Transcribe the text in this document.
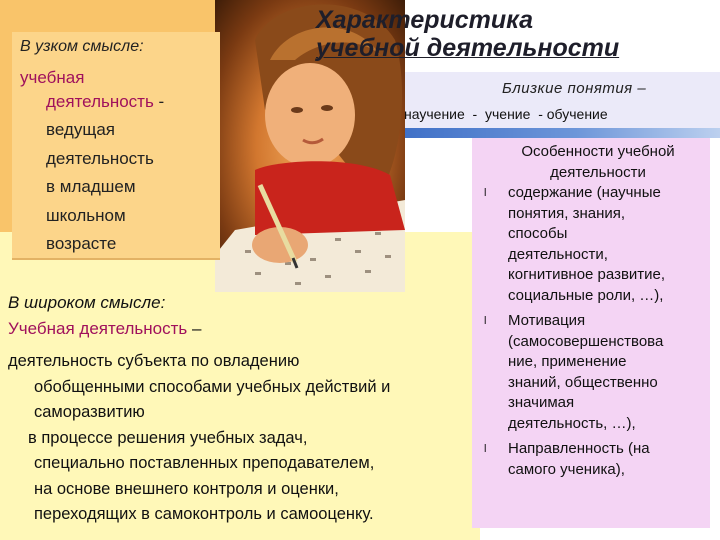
Характеристика
учебной деятельности
В узком смысле:
учебная
деятельность -
ведущая
деятельность
в младшем
школьном
возрасте
Близкие понятия –
научение  -  учение  - обучение
В широком смысле:
Учебная деятельность –
деятельность субъекта по овладению
обобщенными способами учебных действий и
саморазвитию
в процессе решения учебных задач,
специально поставленных преподавателем,
на основе внешнего контроля и оценки,
переходящих в самоконтроль и самооценку.
Особенности учебной
деятельности
l содержание (научные
понятия, знания,
способы
деятельности,
когнитивное развитие,
социальные роли, …),
l Мотивация
(самосовершенствова
ние, применение
знаний, общественно
значимая
деятельность, …),
l Направленность (на
самого ученика),
